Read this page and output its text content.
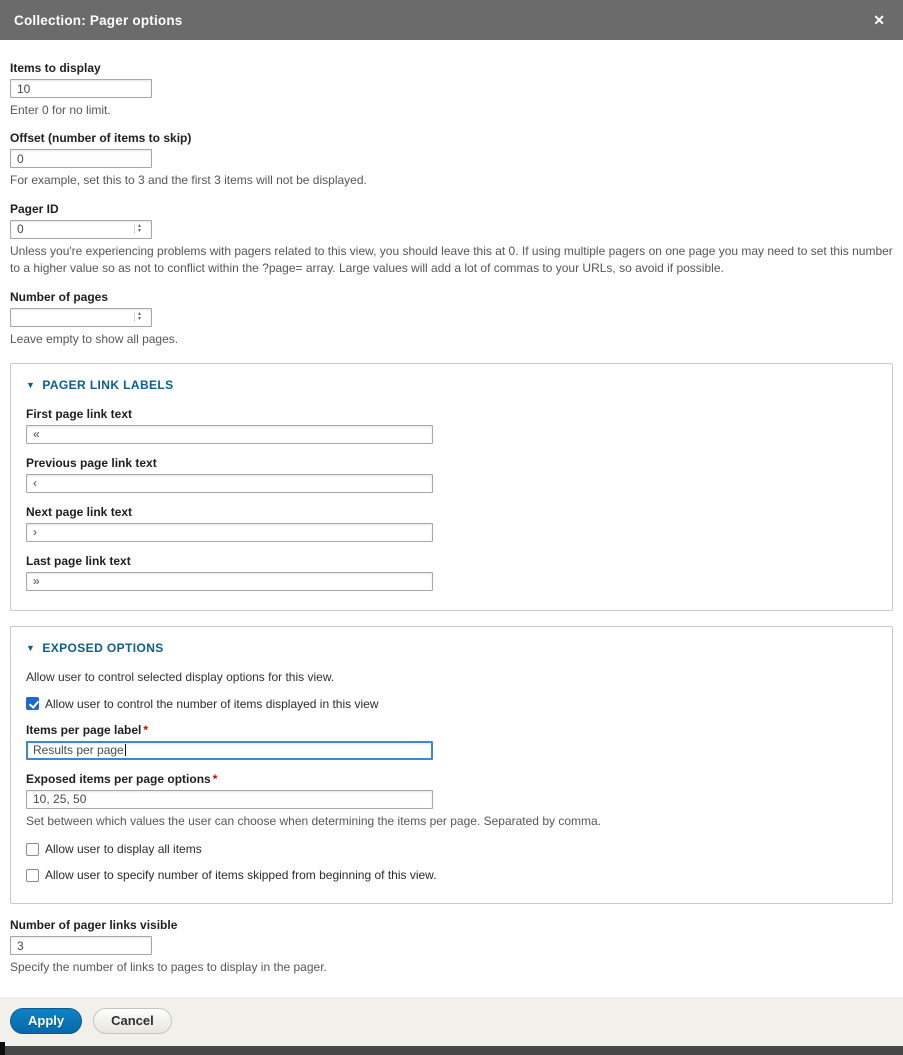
Collection: Pager options	✕
Items to display
10
Enter 0 for no limit.
Offset (number of items to skip)
0
For example, set this to 3 and the first 3 items will not be displayed.
Pager ID
0
▴
▾
Unless you're experiencing problems with pagers related to this view, you should leave this at 0. If using multiple pagers on one page you may need to set this number to a higher value so as not to conflict within the ?page= array. Large values will add a lot of commas to your URLs, so avoid if possible.
Number of pages
▴
▾
Leave empty to show all pages.
▼ PAGER LINK LABELS
First page link text
«
Previous page link text
‹
Next page link text
›
Last page link text
»
▼ EXPOSED OPTIONS
Allow user to control selected display options for this view.
Allow user to control the number of items displayed in this view
Items per page label *
Results per page
Exposed items per page options *
10, 25, 50
Set between which values the user can choose when determining the items per page. Separated by comma.
Allow user to display all items
Allow user to specify number of items skipped from beginning of this view.
Number of pager links visible
3
Specify the number of links to pages to display in the pager.
Apply	Cancel
